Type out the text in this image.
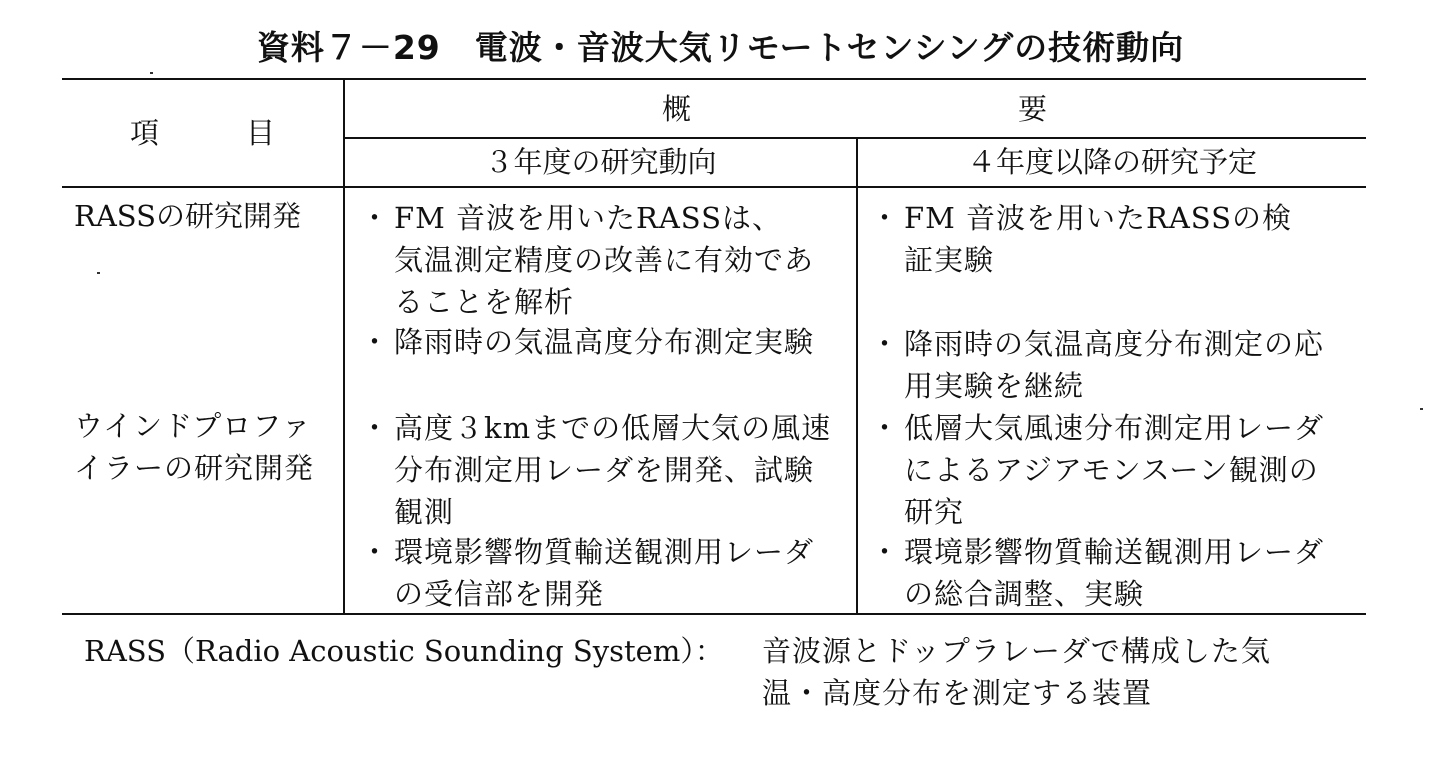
資料７－29　電波・音波大気リモートセンシングの技術動向
項　　　目
概	要
３年度の研究動向	４年度以降の研究予定
RASSの研究開発 ・ FM 音波を用いたRASSは、
気温測定精度の改善に有効であ
ることを解析
・ 降雨時の気温高度分布測定実験
・ FM 音波を用いたRASSの検
証実験
・ 降雨時の気温高度分布測定の応
用実験を継続
ウインドプロファ
イラーの研究開発
・ 高度３kmまでの低層大気の風速
分布測定用レーダを開発、試験
観測
・ 環境影響物質輸送観測用レーダ
の受信部を開発
・ 低層大気風速分布測定用レーダ
によるアジアモンスーン観測の
研究
・ 環境影響物質輸送観測用レーダ
の総合調整、実験
RASS（Radio Acoustic Sounding System）： 音波源とドップラレーダで構成した気
温・高度分布を測定する装置
